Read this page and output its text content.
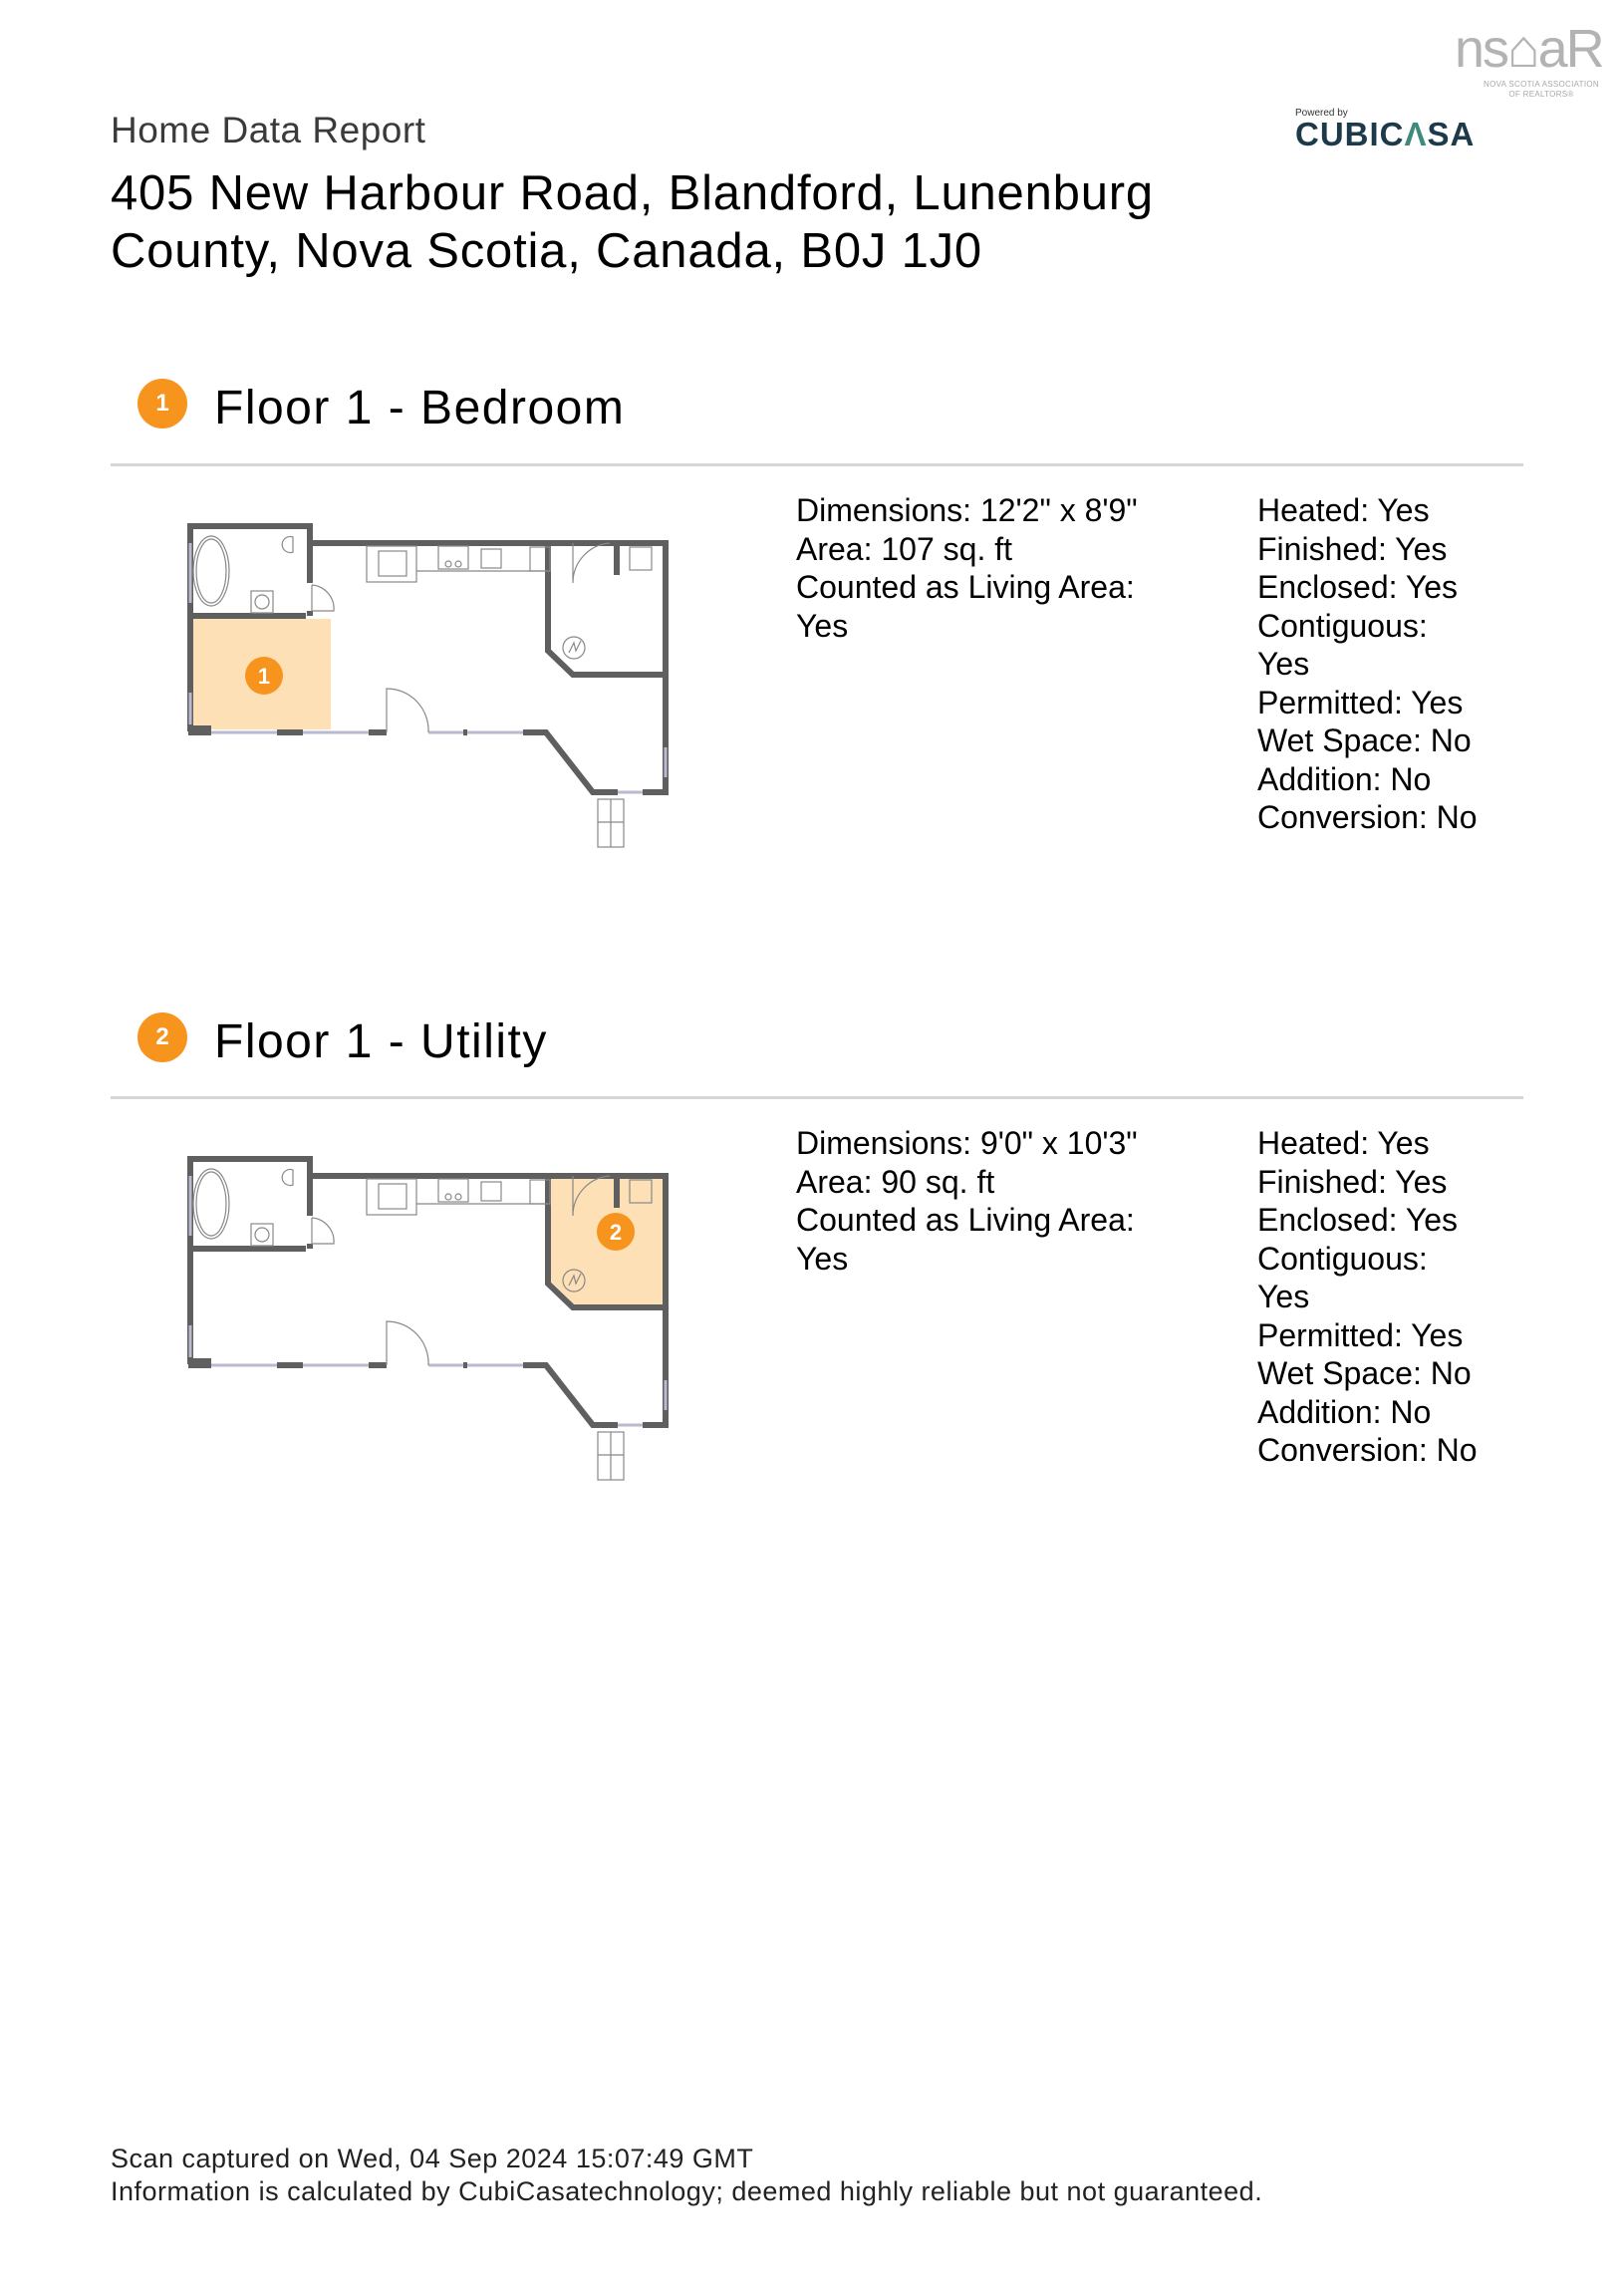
ns⌂aR
NOVA SCOTIA ASSOCIATION
OF REALTORS®
Powered by
CUBICΛSA
Home Data Report
405 New Harbour Road, Blandford, Lunenburg
County, Nova Scotia, Canada, B0J 1J0
1 Floor 1 - Bedroom
1
Dimensions: 12'2" x 8'9"
Area: 107 sq. ft
Counted as Living Area:
Yes
Heated: Yes
Finished: Yes
Enclosed: Yes
Contiguous:
Yes
Permitted: Yes
Wet Space: No
Addition: No
Conversion: No
2 Floor 1 - Utility
2
Dimensions: 9'0" x 10'3"
Area: 90 sq. ft
Counted as Living Area:
Yes
Heated: Yes
Finished: Yes
Enclosed: Yes
Contiguous:
Yes
Permitted: Yes
Wet Space: No
Addition: No
Conversion: No
Scan captured on Wed, 04 Sep 2024 15:07:49 GMT
Information is calculated by CubiCasatechnology; deemed highly reliable but not guaranteed.
